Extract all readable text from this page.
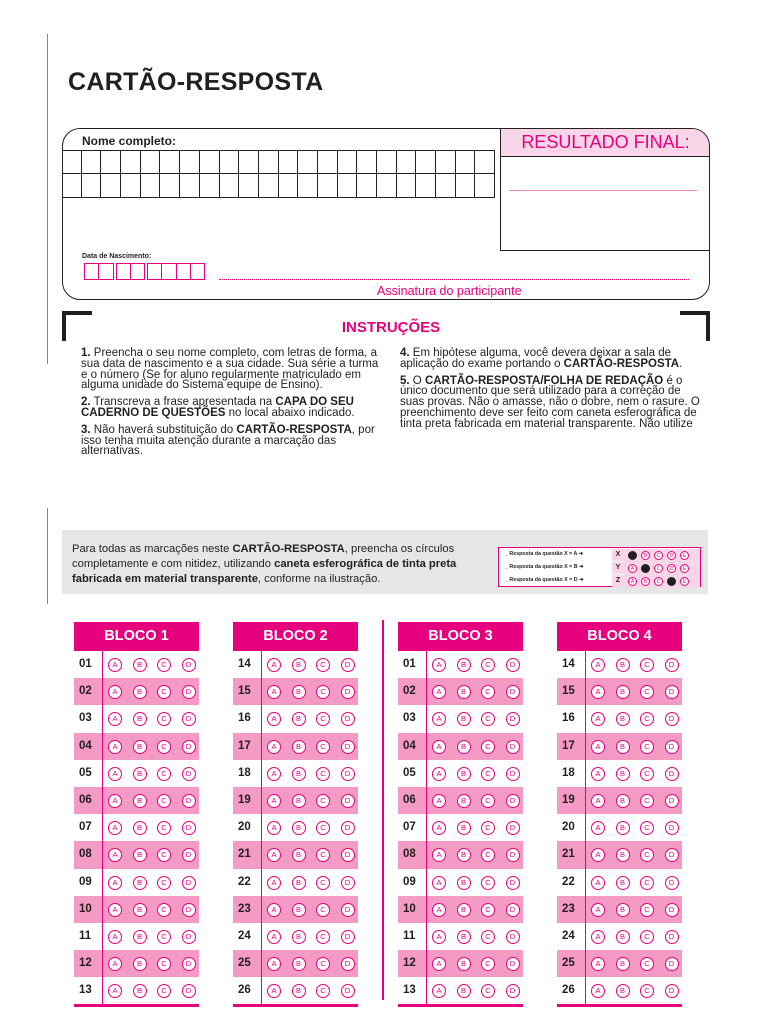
CARTÃO-RESPOSTA
Nome completo:	RESULTADO FINAL:
Data de Nascimento:
Assinatura do participante
INSTRUÇÕES

1. Preencha o seu nome completo, com letras de forma, a sua data de nascimento e a sua cidade. Sua série a turma e o número (Se for aluno regularmente matriculado em alguma unidade do Sistema equipe de Ensino).

2. Transcreva a frase apresentada na CAPA DO SEU CADERNO DE QUESTÕES no local abaixo indicado.

3. Não haverá substituição do CARTÃO-RESPOSTA, por isso tenha muita atenção durante a marcação das alternativas.

4. Em hipótese alguma, você devera deixar a sala de aplicação do exame portando o CARTÃO-RESPOSTA.

5. O CARTÃO-RESPOSTA/FOLHA DE REDAÇÃO é o único documento que será utilizado para a correção de suas provas. Não o amasse, não o dobre, nem o rasure. O preenchimento deve ser feito com caneta esferográfica de tinta preta fabricada em material transparente. Não utilize

Para todas as marcações neste CARTÃO-RESPOSTA, preencha os círculos completamente e com nitidez, utilizando caneta esferográfica de tinta preta fabricada em material transparente, conforme na ilustração.
_ Resposta da questão X = A ➜	X	A	B	C	D	E
_ Resposta da questão X = B ➜	Y	A	B	C	D	E
_ Resposta da questão X = D ➜	Z	A	B	C	D	E
BLOCO 1
01	A	B	C	D
02	A	B	C	D
03	A	B	C	D
04	A	B	C	D
05	A	B	C	D
06	A	B	C	D
07	A	B	C	D
08	A	B	C	D
09	A	B	C	D
10	A	B	C	D
11	A	B	C	D
12	A	B	C	D
13	A	B	C	D
BLOCO 2
14	A	B	C	D
15	A	B	C	D
16	A	B	C	D
17	A	B	C	D
18	A	B	C	D
19	A	B	C	D
20	A	B	C	D
21	A	B	C	D
22	A	B	C	D
23	A	B	C	D
24	A	B	C	D
25	A	B	C	D
26	A	B	C	D
BLOCO 3
01	A	B	C	D
02	A	B	C	D
03	A	B	C	D
04	A	B	C	D
05	A	B	C	D
06	A	B	C	D
07	A	B	C	D
08	A	B	C	D
09	A	B	C	D
10	A	B	C	D
11	A	B	C	D
12	A	B	C	D
13	A	B	C	D
BLOCO 4
14	A	B	C	D
15	A	B	C	D
16	A	B	C	D
17	A	B	C	D
18	A	B	C	D
19	A	B	C	D
20	A	B	C	D
21	A	B	C	D
22	A	B	C	D
23	A	B	C	D
24	A	B	C	D
25	A	B	C	D
26	A	B	C	D
